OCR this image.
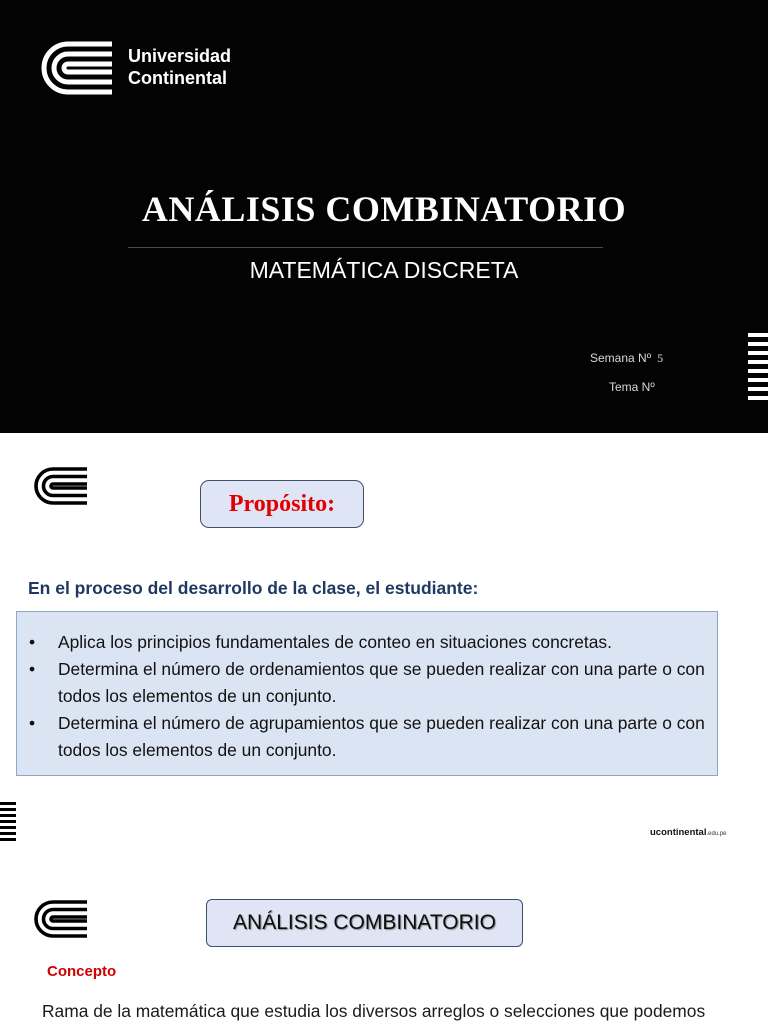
Universidad
Continental
ANÁLISIS COMBINATORIO
MATEMÁTICA DISCRETA
Semana Nº 5
Tema Nº
Propósito:
En el proceso del desarrollo de la clase, el estudiante:
•	Aplica los principios fundamentales de conteo en situaciones concretas.
•	Determina el número de ordenamientos que se pueden realizar con una parte o con todos los elementos de un conjunto.
•	Determina el número de agrupamientos que se pueden realizar con una parte o con todos los elementos de un conjunto.
ucontinental.edu.pe
ANÁLISIS COMBINATORIO
Concepto
Rama de la matemática que estudia los diversos arreglos o selecciones que podemos
